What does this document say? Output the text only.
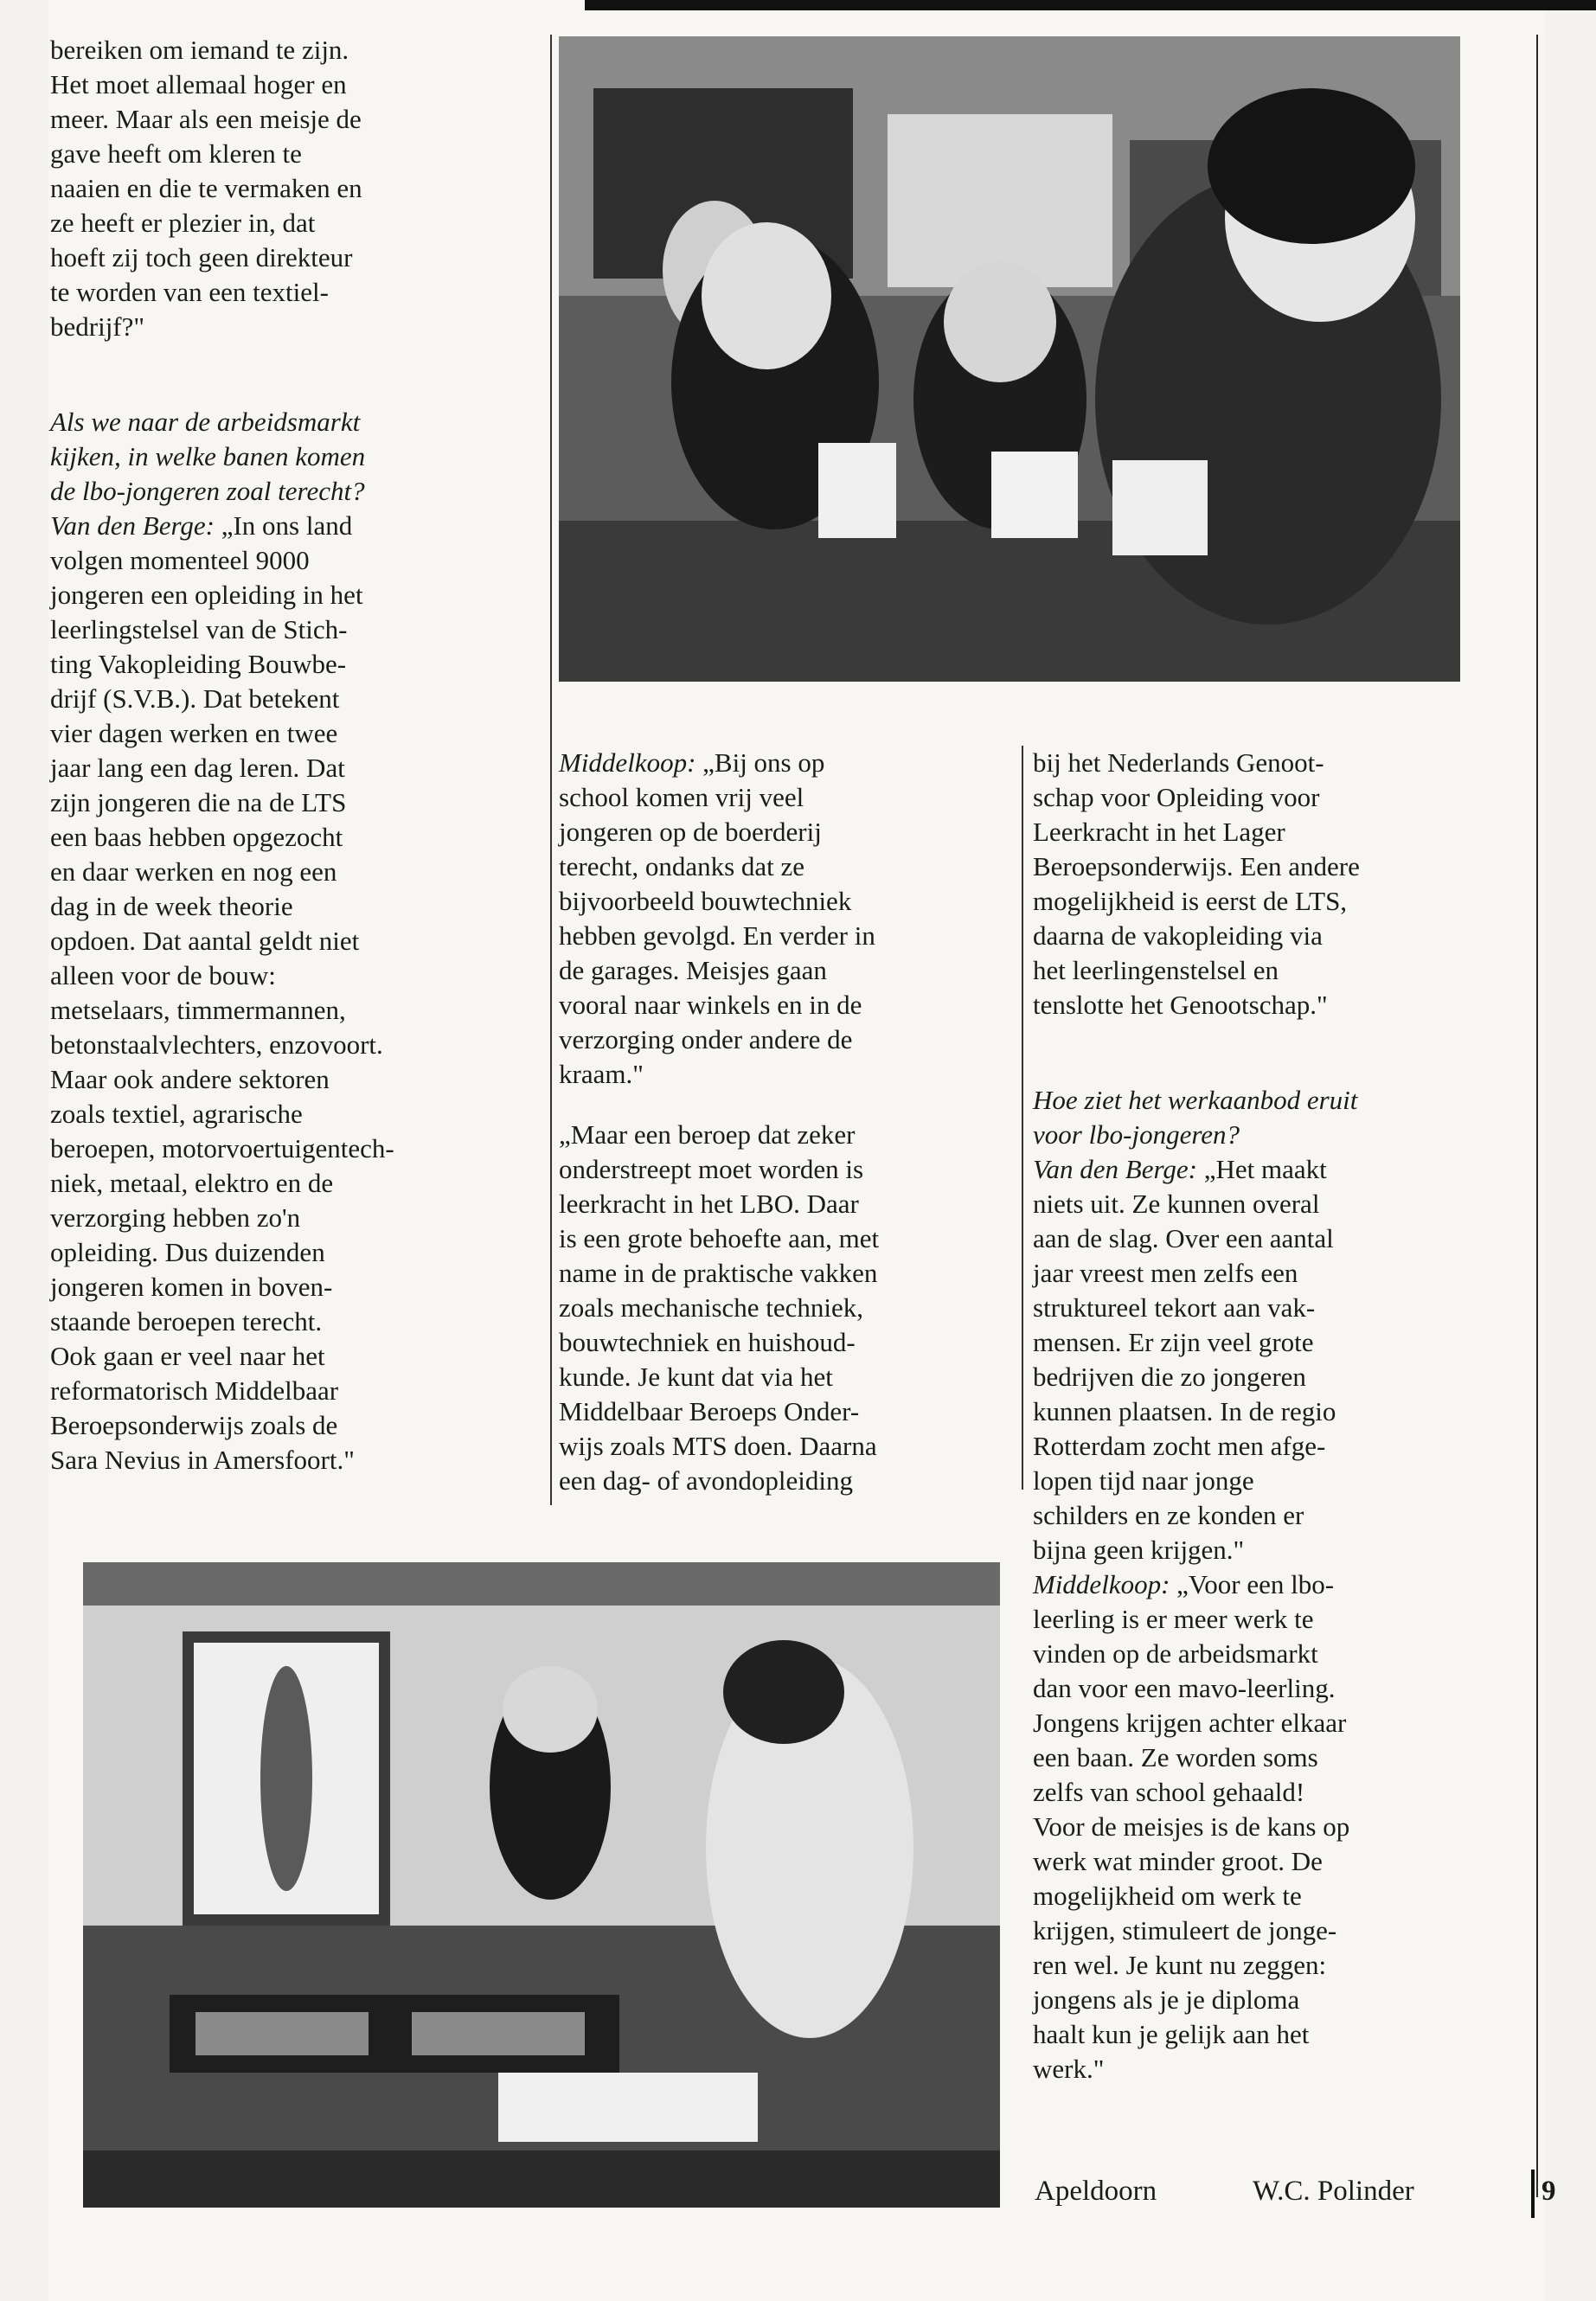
bereiken om iemand te zijn.
Het moet allemaal hoger en
meer. Maar als een meisje de
gave heeft om kleren te
naaien en die te vermaken en
ze heeft er plezier in, dat
hoeft zij toch geen direkteur
te worden van een textiel-
bedrijf?"

Als we naar de arbeidsmarkt
kijken, in welke banen komen
de lbo-jongeren zoal terecht?
Van den Berge: „In ons land
volgen momenteel 9000
jongeren een opleiding in het
leerlingstelsel van de Stich-
ting Vakopleiding Bouwbe-
drijf (S.V.B.). Dat betekent
vier dagen werken en twee
jaar lang een dag leren. Dat
zijn jongeren die na de LTS
een baas hebben opgezocht
en daar werken en nog een
dag in de week theorie
opdoen. Dat aantal geldt niet
alleen voor de bouw:
metselaars, timmermannen,
betonstaalvlechters, enzovoort.
Maar ook andere sektoren
zoals textiel, agrarische
beroepen, motorvoertuigentech-
niek, metaal, elektro en de
verzorging hebben zo'n
opleiding. Dus duizenden
jongeren komen in boven-
staande beroepen terecht.
Ook gaan er veel naar het
reformatorisch Middelbaar
Beroepsonderwijs zoals de
Sara Nevius in Amersfoort."

Middelkoop: „Bij ons op
school komen vrij veel
jongeren op de boerderij
terecht, ondanks dat ze
bijvoorbeeld bouwtechniek
hebben gevolgd. En verder in
de garages. Meisjes gaan
vooral naar winkels en in de
verzorging onder andere de
kraam."

„Maar een beroep dat zeker
onderstreept moet worden is
leerkracht in het LBO. Daar
is een grote behoefte aan, met
name in de praktische vakken
zoals mechanische techniek,
bouwtechniek en huishoud-
kunde. Je kunt dat via het
Middelbaar Beroeps Onder-
wijs zoals MTS doen. Daarna
een dag- of avondopleiding

bij het Nederlands Genoot-
schap voor Opleiding voor
Leerkracht in het Lager
Beroepsonderwijs. Een andere
mogelijkheid is eerst de LTS,
daarna de vakopleiding via
het leerlingenstelsel en
tenslotte het Genootschap."

Hoe ziet het werkaanbod eruit
voor lbo-jongeren?
Van den Berge: „Het maakt
niets uit. Ze kunnen overal
aan de slag. Over een aantal
jaar vreest men zelfs een
struktureel tekort aan vak-
mensen. Er zijn veel grote
bedrijven die zo jongeren
kunnen plaatsen. In de regio
Rotterdam zocht men afge-
lopen tijd naar jonge
schilders en ze konden er
bijna geen krijgen."
Middelkoop: „Voor een lbo-
leerling is er meer werk te
vinden op de arbeidsmarkt
dan voor een mavo-leerling.
Jongens krijgen achter elkaar
een baan. Ze worden soms
zelfs van school gehaald!
Voor de meisjes is de kans op
werk wat minder groot. De
mogelijkheid om werk te
krijgen, stimuleert de jonge-
ren wel. Je kunt nu zeggen:
jongens als je je diploma
haalt kun je gelijk aan het
werk."

Apeldoorn	W.C. Polinder	9
